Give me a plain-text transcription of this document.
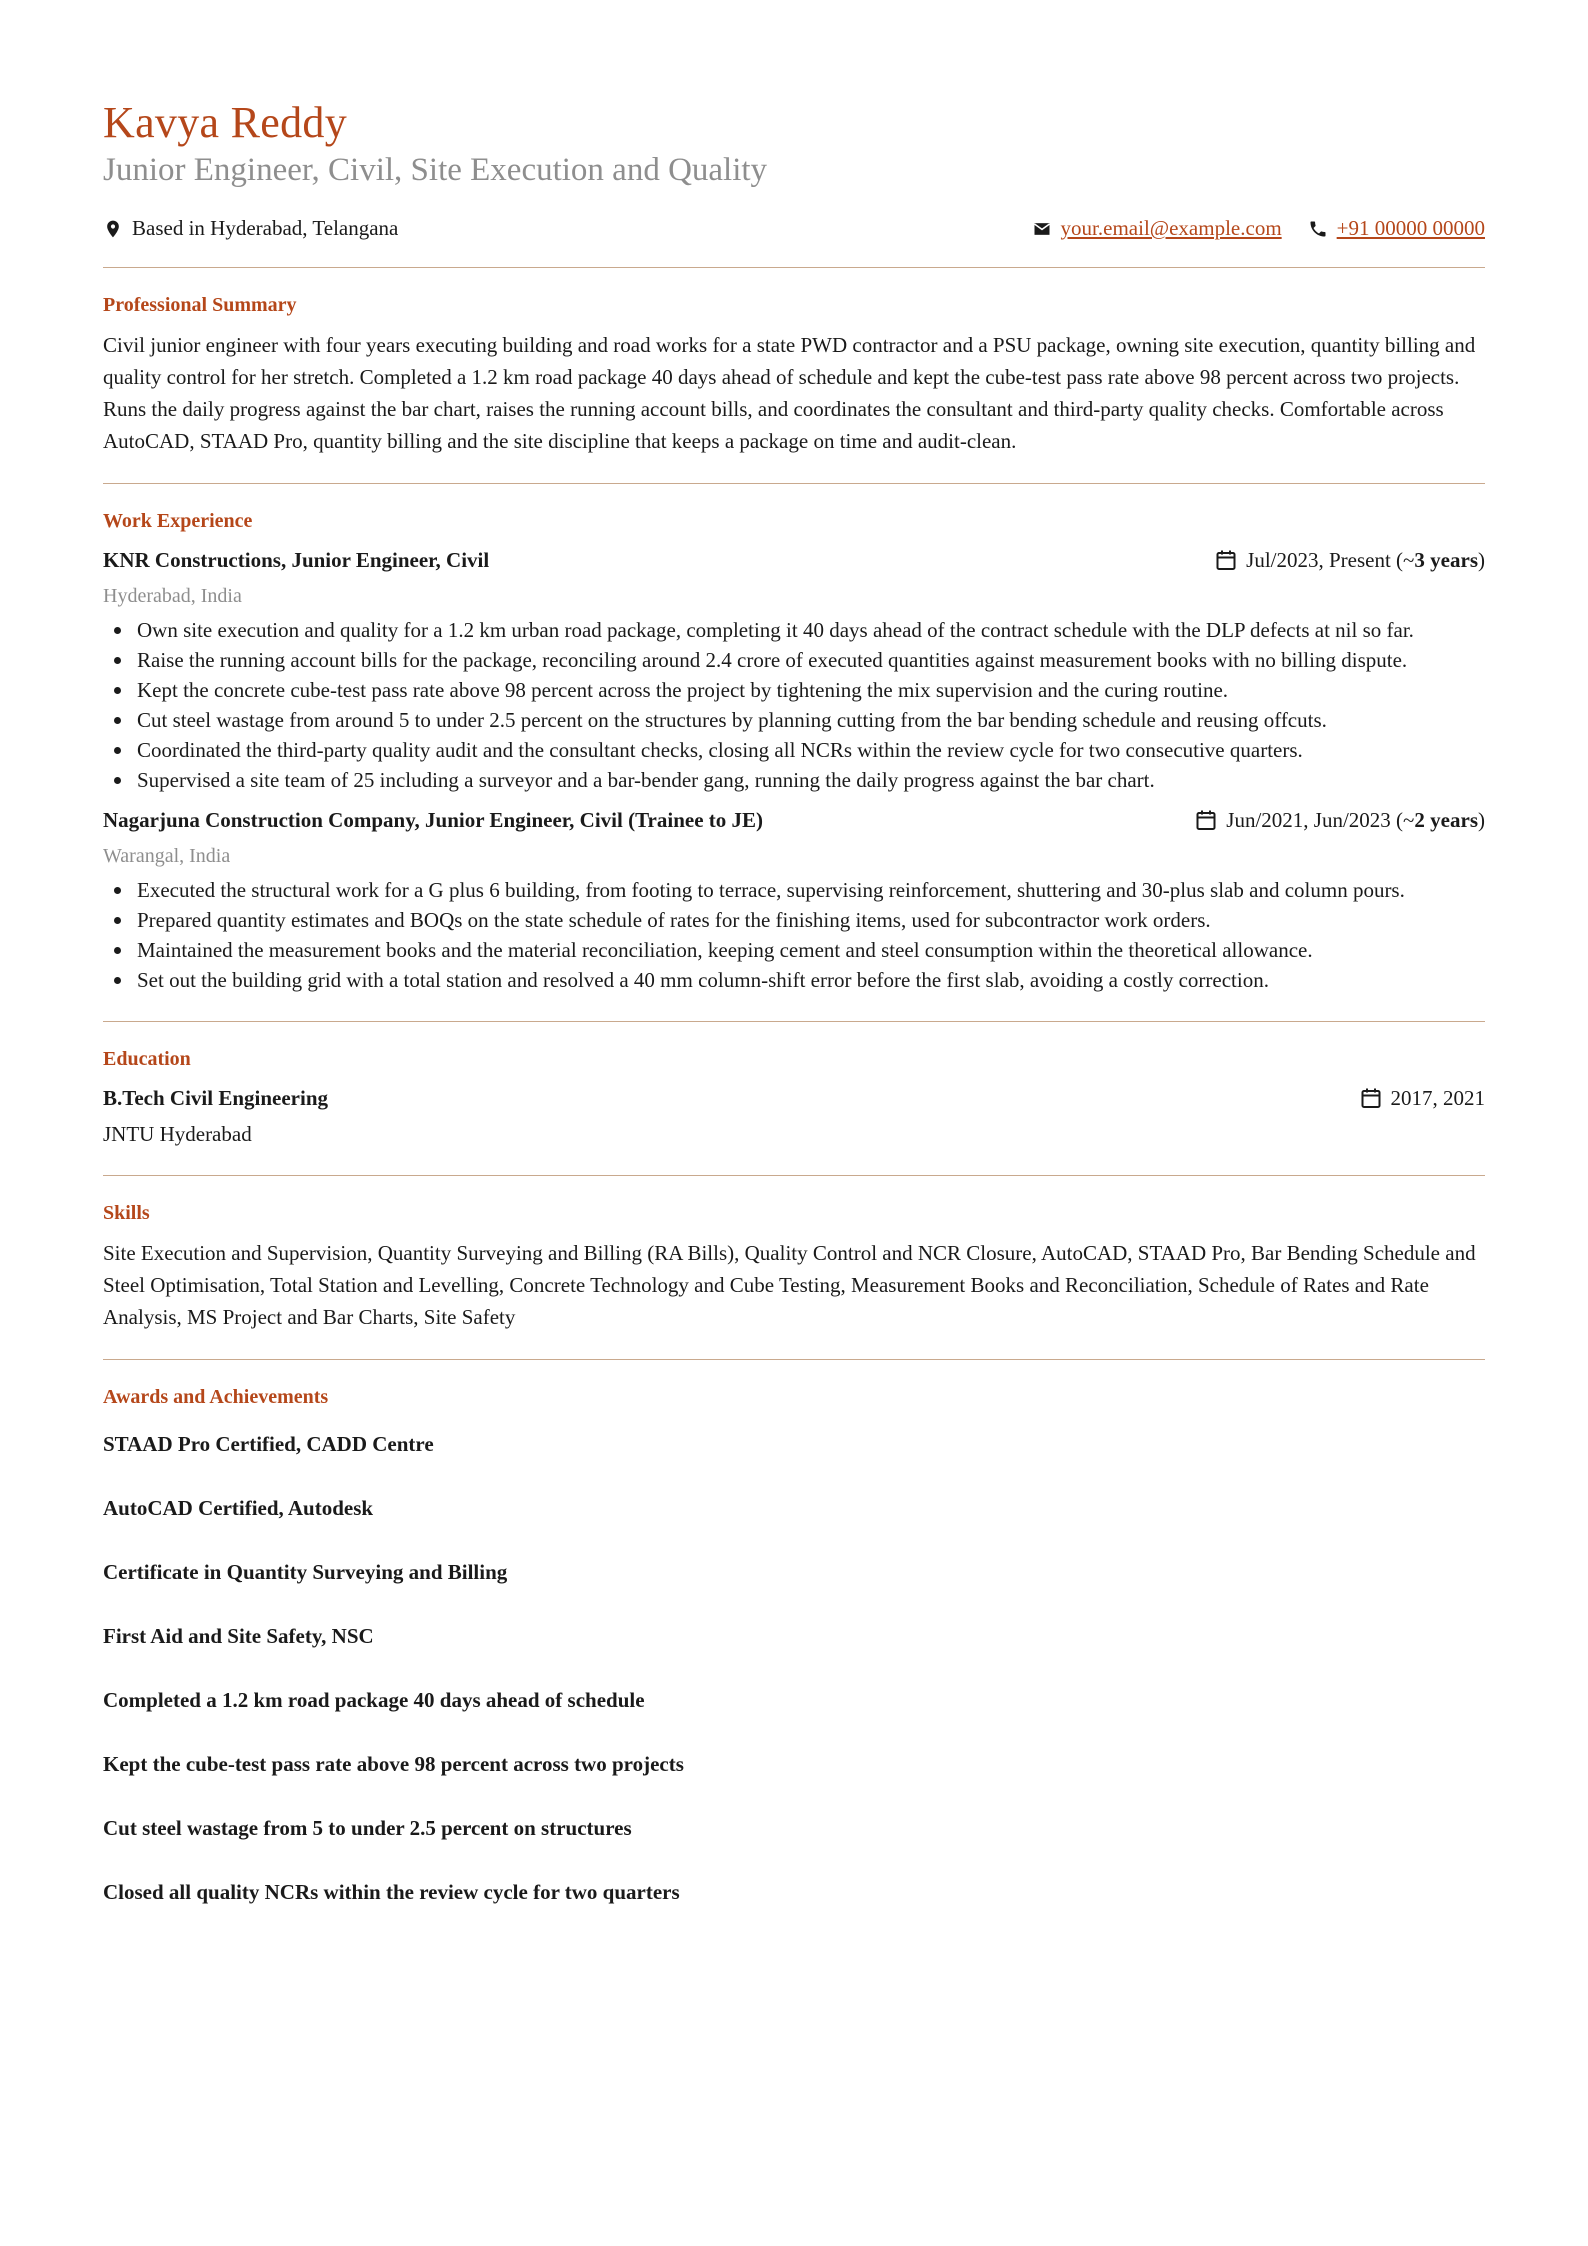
Kavya Reddy
Junior Engineer, Civil, Site Execution and Quality
Based in Hyderabad, Telangana	your.email@example.com	+91 00000 00000
Professional Summary

Civil junior engineer with four years executing building and road works for a state PWD contractor and a PSU package, owning site execution, quantity billing and quality control for her stretch. Completed a 1.2 km road package 40 days ahead of schedule and kept the cube-test pass rate above 98 percent across two projects. Runs the daily progress against the bar chart, raises the running account bills, and coordinates the consultant and third-party quality checks. Comfortable across AutoCAD, STAAD Pro, quantity billing and the site discipline that keeps a package on time and audit-clean.

Work Experience
KNR Constructions, Junior Engineer, Civil	Jul/2023, Present (~ 3 years )
Hyderabad, India
Own site execution and quality for a 1.2 km urban road package, completing it 40 days ahead of the contract schedule with the DLP defects at nil so far.
Raise the running account bills for the package, reconciling around 2.4 crore of executed quantities against measurement books with no billing dispute.
Kept the concrete cube-test pass rate above 98 percent across the project by tightening the mix supervision and the curing routine.
Cut steel wastage from around 5 to under 2.5 percent on the structures by planning cutting from the bar bending schedule and reusing offcuts.
Coordinated the third-party quality audit and the consultant checks, closing all NCRs within the review cycle for two consecutive quarters.
Supervised a site team of 25 including a surveyor and a bar-bender gang, running the daily progress against the bar chart.
Nagarjuna Construction Company, Junior Engineer, Civil (Trainee to JE)	Jun/2021, Jun/2023 (~ 2 years )
Warangal, India
Executed the structural work for a G plus 6 building, from footing to terrace, supervising reinforcement, shuttering and 30-plus slab and column pours.
Prepared quantity estimates and BOQs on the state schedule of rates for the finishing items, used for subcontractor work orders.
Maintained the measurement books and the material reconciliation, keeping cement and steel consumption within the theoretical allowance.
Set out the building grid with a total station and resolved a 40 mm column-shift error before the first slab, avoiding a costly correction.
Education
B.Tech Civil Engineering	2017, 2021
JNTU Hyderabad
Skills

Site Execution and Supervision, Quantity Surveying and Billing (RA Bills), Quality Control and NCR Closure, AutoCAD, STAAD Pro, Bar Bending Schedule and Steel Optimisation, Total Station and Levelling, Concrete Technology and Cube Testing, Measurement Books and Reconciliation, Schedule of Rates and Rate Analysis, MS Project and Bar Charts, Site Safety

Awards and Achievements
STAAD Pro Certified, CADD Centre
AutoCAD Certified, Autodesk
Certificate in Quantity Surveying and Billing
First Aid and Site Safety, NSC
Completed a 1.2 km road package 40 days ahead of schedule
Kept the cube-test pass rate above 98 percent across two projects
Cut steel wastage from 5 to under 2.5 percent on structures
Closed all quality NCRs within the review cycle for two quarters
